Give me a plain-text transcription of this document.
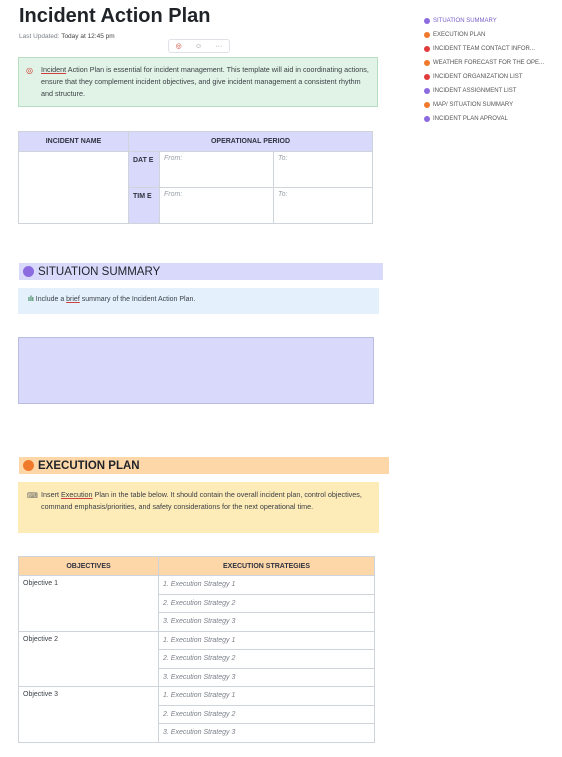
Incident Action Plan
Last Updated: Today at 12:45 pm
◎ ☺ ···
SITUATION SUMMARY
EXECUTION PLAN
INCIDENT TEAM CONTACT INFOR...
WEATHER FORECAST FOR THE OPE...
INCIDENT ORGANIZATION LIST
INCIDENT ASSIGNMENT LIST
MAP/ SITUATION SUMMARY
INCIDENT PLAN APROVAL
◎ Incident Action Plan is essential for incident management. This template will aid in coordinating actions, ensure that they complement incident objectives, and give incident management a consistent rhythm and structure.
INCIDENT NAME	OPERATIONAL PERIOD		
	DAT E	From:	To:
	TIM E	From:	To:
SITUATION SUMMARY
ılı Include a brief summary of the Incident Action Plan.
EXECUTION PLAN
⌨ Insert Execution Plan in the table below. It should contain the overall incident plan, control objectives, command emphasis/priorities, and safety considerations for the next operational time.
OBJECTIVES	EXECUTION STRATEGIES
Objective 1	1. Execution Strategy 1
	2. Execution Strategy 2
	3. Execution Strategy 3
Objective 2	1. Execution Strategy 1
	2. Execution Strategy 2
	3. Execution Strategy 3
Objective 3	1. Execution Strategy 1
	2. Execution Strategy 2
	3. Execution Strategy 3
